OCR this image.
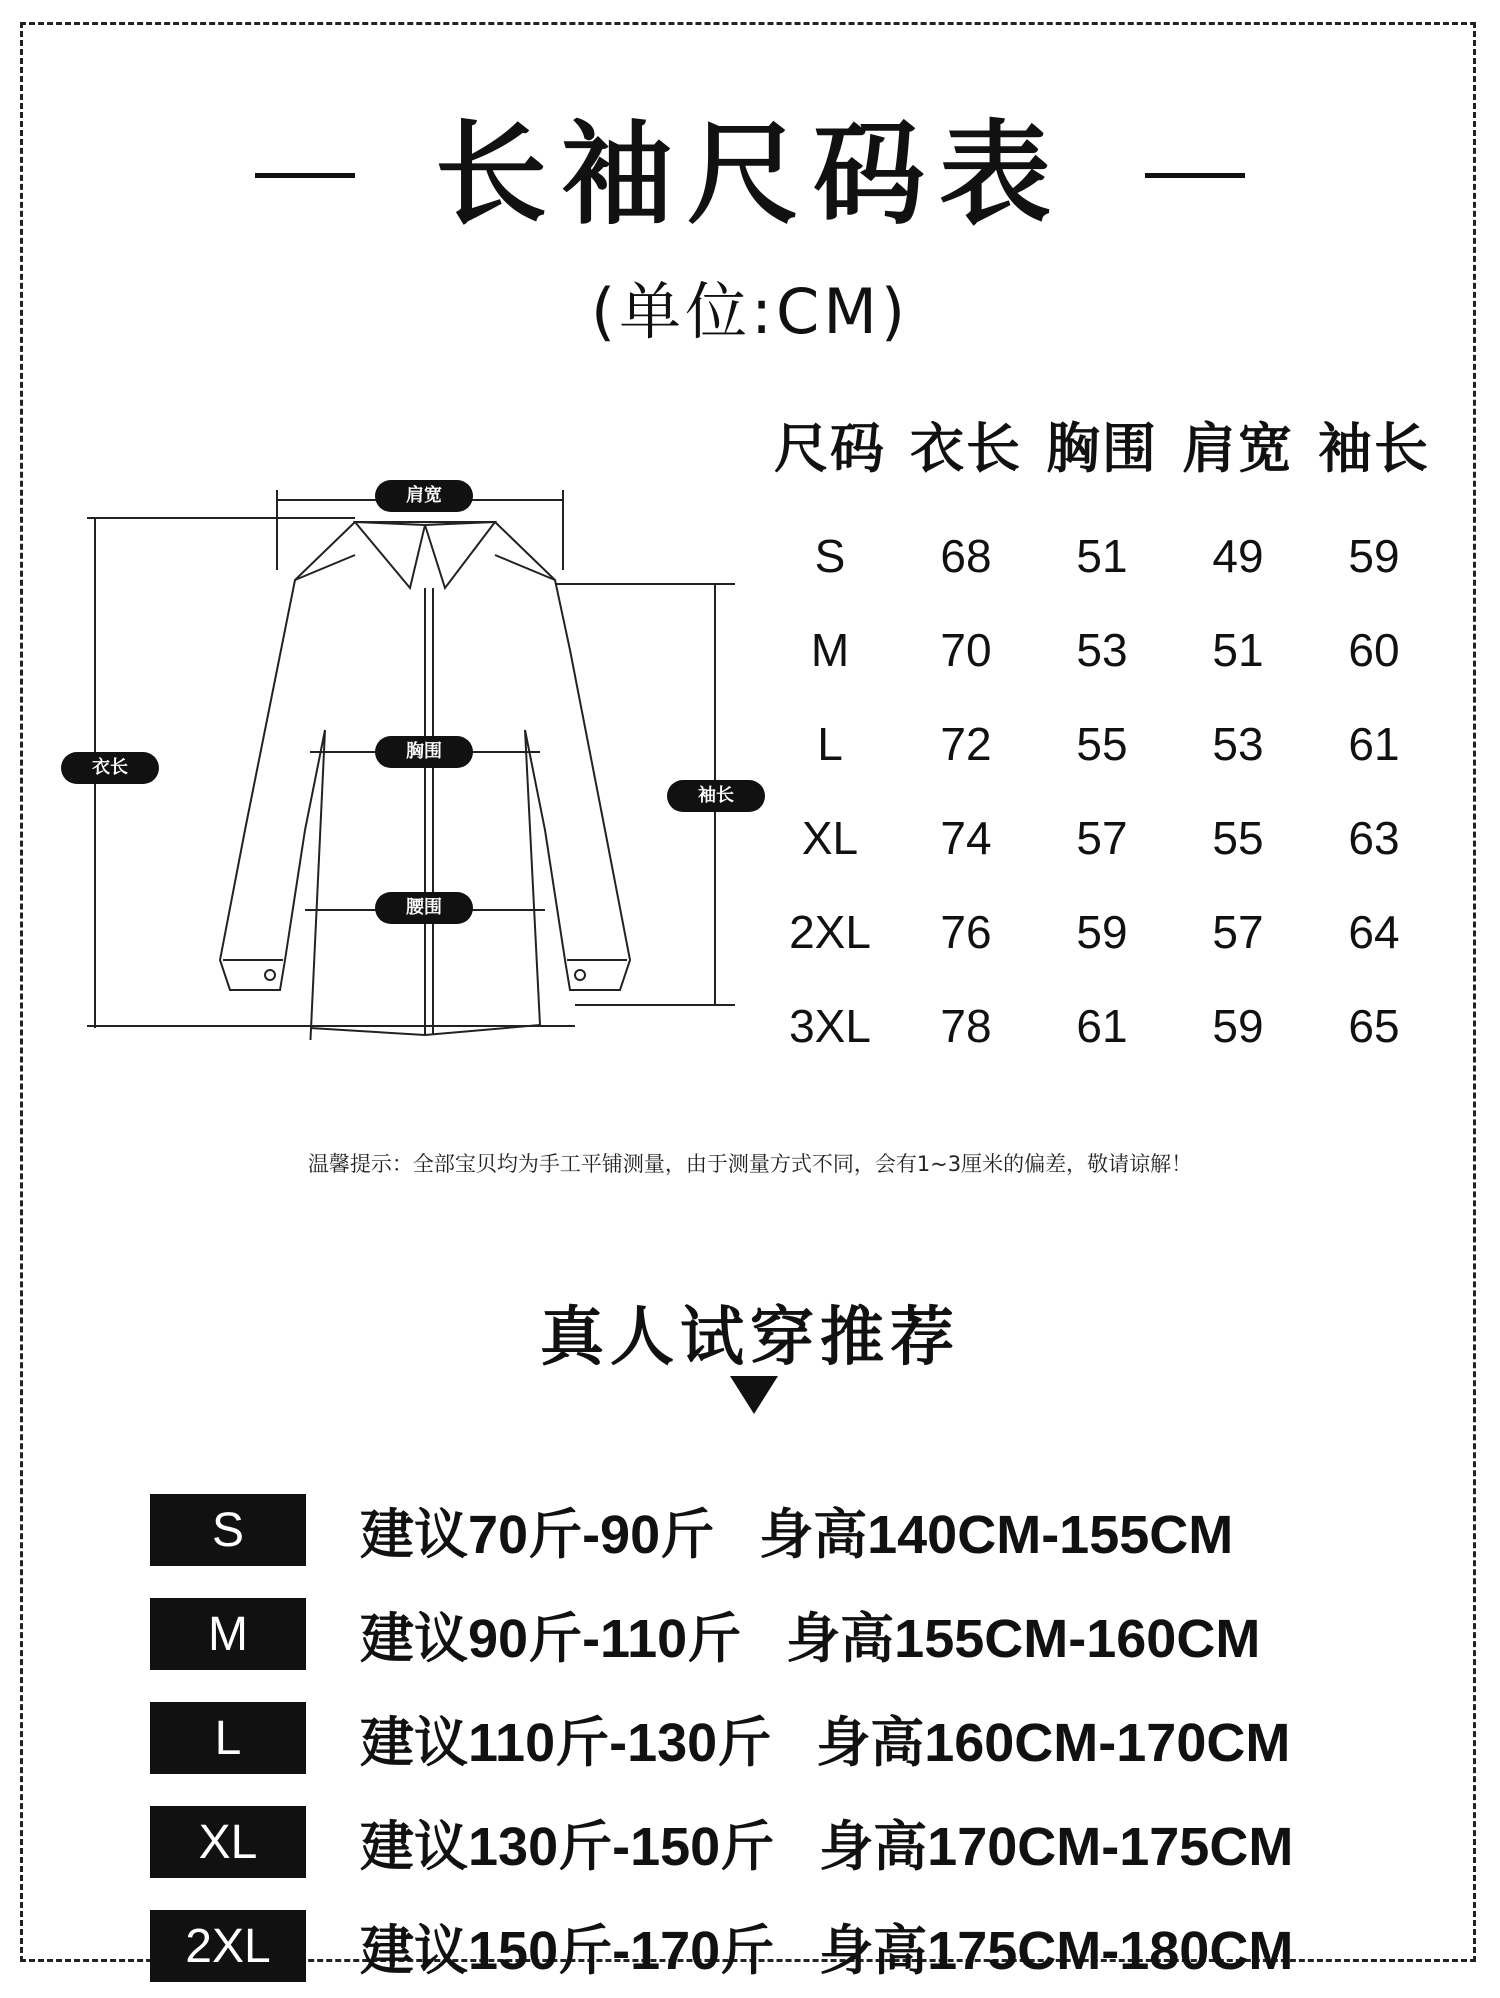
长袖尺码表
(单位:CM)
肩宽
衣长
胸围
袖长
腰围
尺码 衣长 胸围 肩宽 袖长
S	68	51	49	59
M	70	53	51	60
L	72	55	53	61
XL	74	57	55	63
2XL	76	59	57	64
3XL	78	61	59	65
温馨提示：全部宝贝均为手工平铺测量，由于测量方式不同，会有1~3厘米的偏差，敬请谅解！
真人试穿推荐
S	建议70斤-90斤   身高140CM-155CM
M	建议90斤-110斤   身高155CM-160CM
L	建议110斤-130斤   身高160CM-170CM
XL	建议130斤-150斤   身高170CM-175CM
2XL	建议150斤-170斤   身高175CM-180CM
